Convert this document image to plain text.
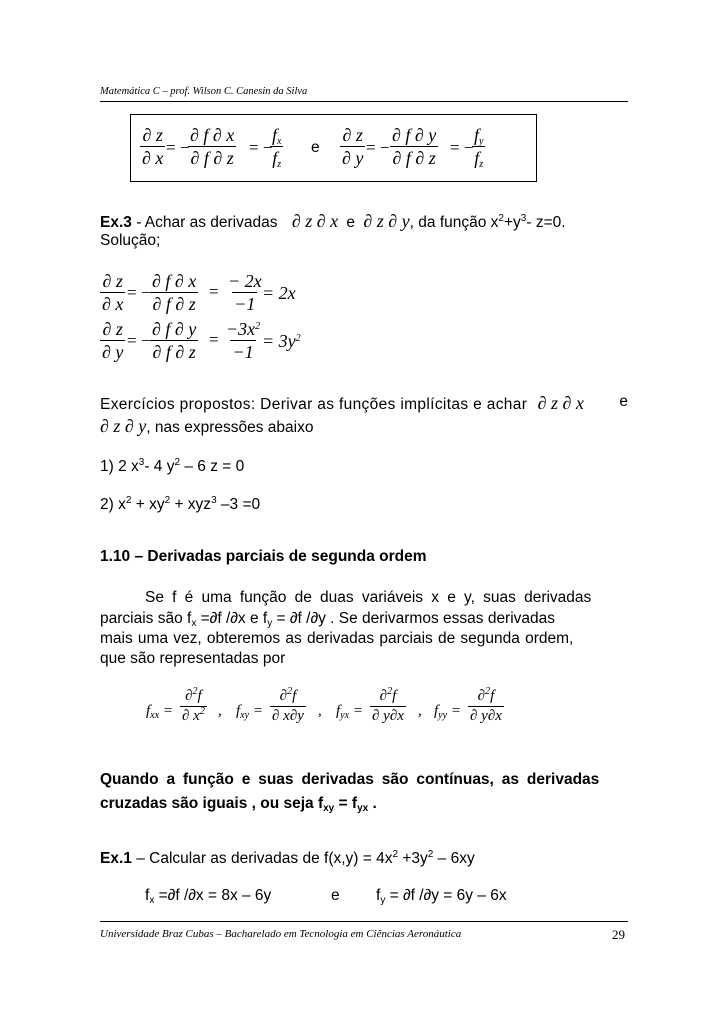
Matemática C – prof. Wilson C. Canesin da Silva
$\frac{\partial z}{\partial x}$ = −
$\frac{\partial f \partial x}{\partial f \partial z}$ = −
$\frac{f_x}{f_z}$ e $\frac{\partial z}{\partial y}$ = − $\frac{\partial f \partial y}{\partial f \partial z}$ = −
$\frac{f_y}{f_z}$
Ex.3 - Achar as derivadas ∂ z ∂ x e ∂ z ∂ y, da função $x^2+y^3-$ z=0.
Solução;
$\frac{\partial z}{\partial x}$ = − $\frac{\partial f \partial x}{\partial f \partial z} = \frac{- 2x}{-1}$
= 2x
$\frac{\partial z}{\partial y}$ = − $\frac{\partial f \partial y}{\partial f \partial z} = \frac{-3x^2}{-1} = 3y^2$
Exercícios propostos: Derivar as funções implícitas e achar ∂ z ∂ x e
∂ z ∂ y, nas expressões abaixo
1) 2 $x^3-$ 4 $y^2 - 6$ z = 0
2) $x^2 + xy^2 + xyz^3$ –3 =0
1.10 – Derivadas parciais de segunda ordem
Se f é uma função de duas variáveis x e y, suas derivadas
parciais são $f_x =\partial f$ /∂x e $f_y = \partial f$ /∂y . Se derivarmos essas derivadas
mais uma vez, obteremos as derivadas parciais de segunda ordem,
que são representadas por
$f_{xx} = \frac{\partial^2f}{\partial x^2}$ , $f_{xy} = \frac{\partial^2f}{\partial x\partial y}$ , $f_{yx} = \frac{\partial^2f}{\partial y\partial x}$ , $f_{yy} = \frac{\partial^2f}{\partial y\partial x}$
Quando a função e suas derivadas são contínuas, as derivadas
cruzadas são iguais , ou seja $f_{xy} = f_{yx}$ .
Ex.1 – Calcular as derivadas de $f(x,y) = 4x^2 +3y^2 - 6xy$
$f_x =\partial f$ /∂x = 8x – 6y	e $f_y = \partial f$ /∂y = 6y – 6x
Universidade Braz Cubas – Bacharelado em Tecnologia em Ciências Aeronáutica	29
